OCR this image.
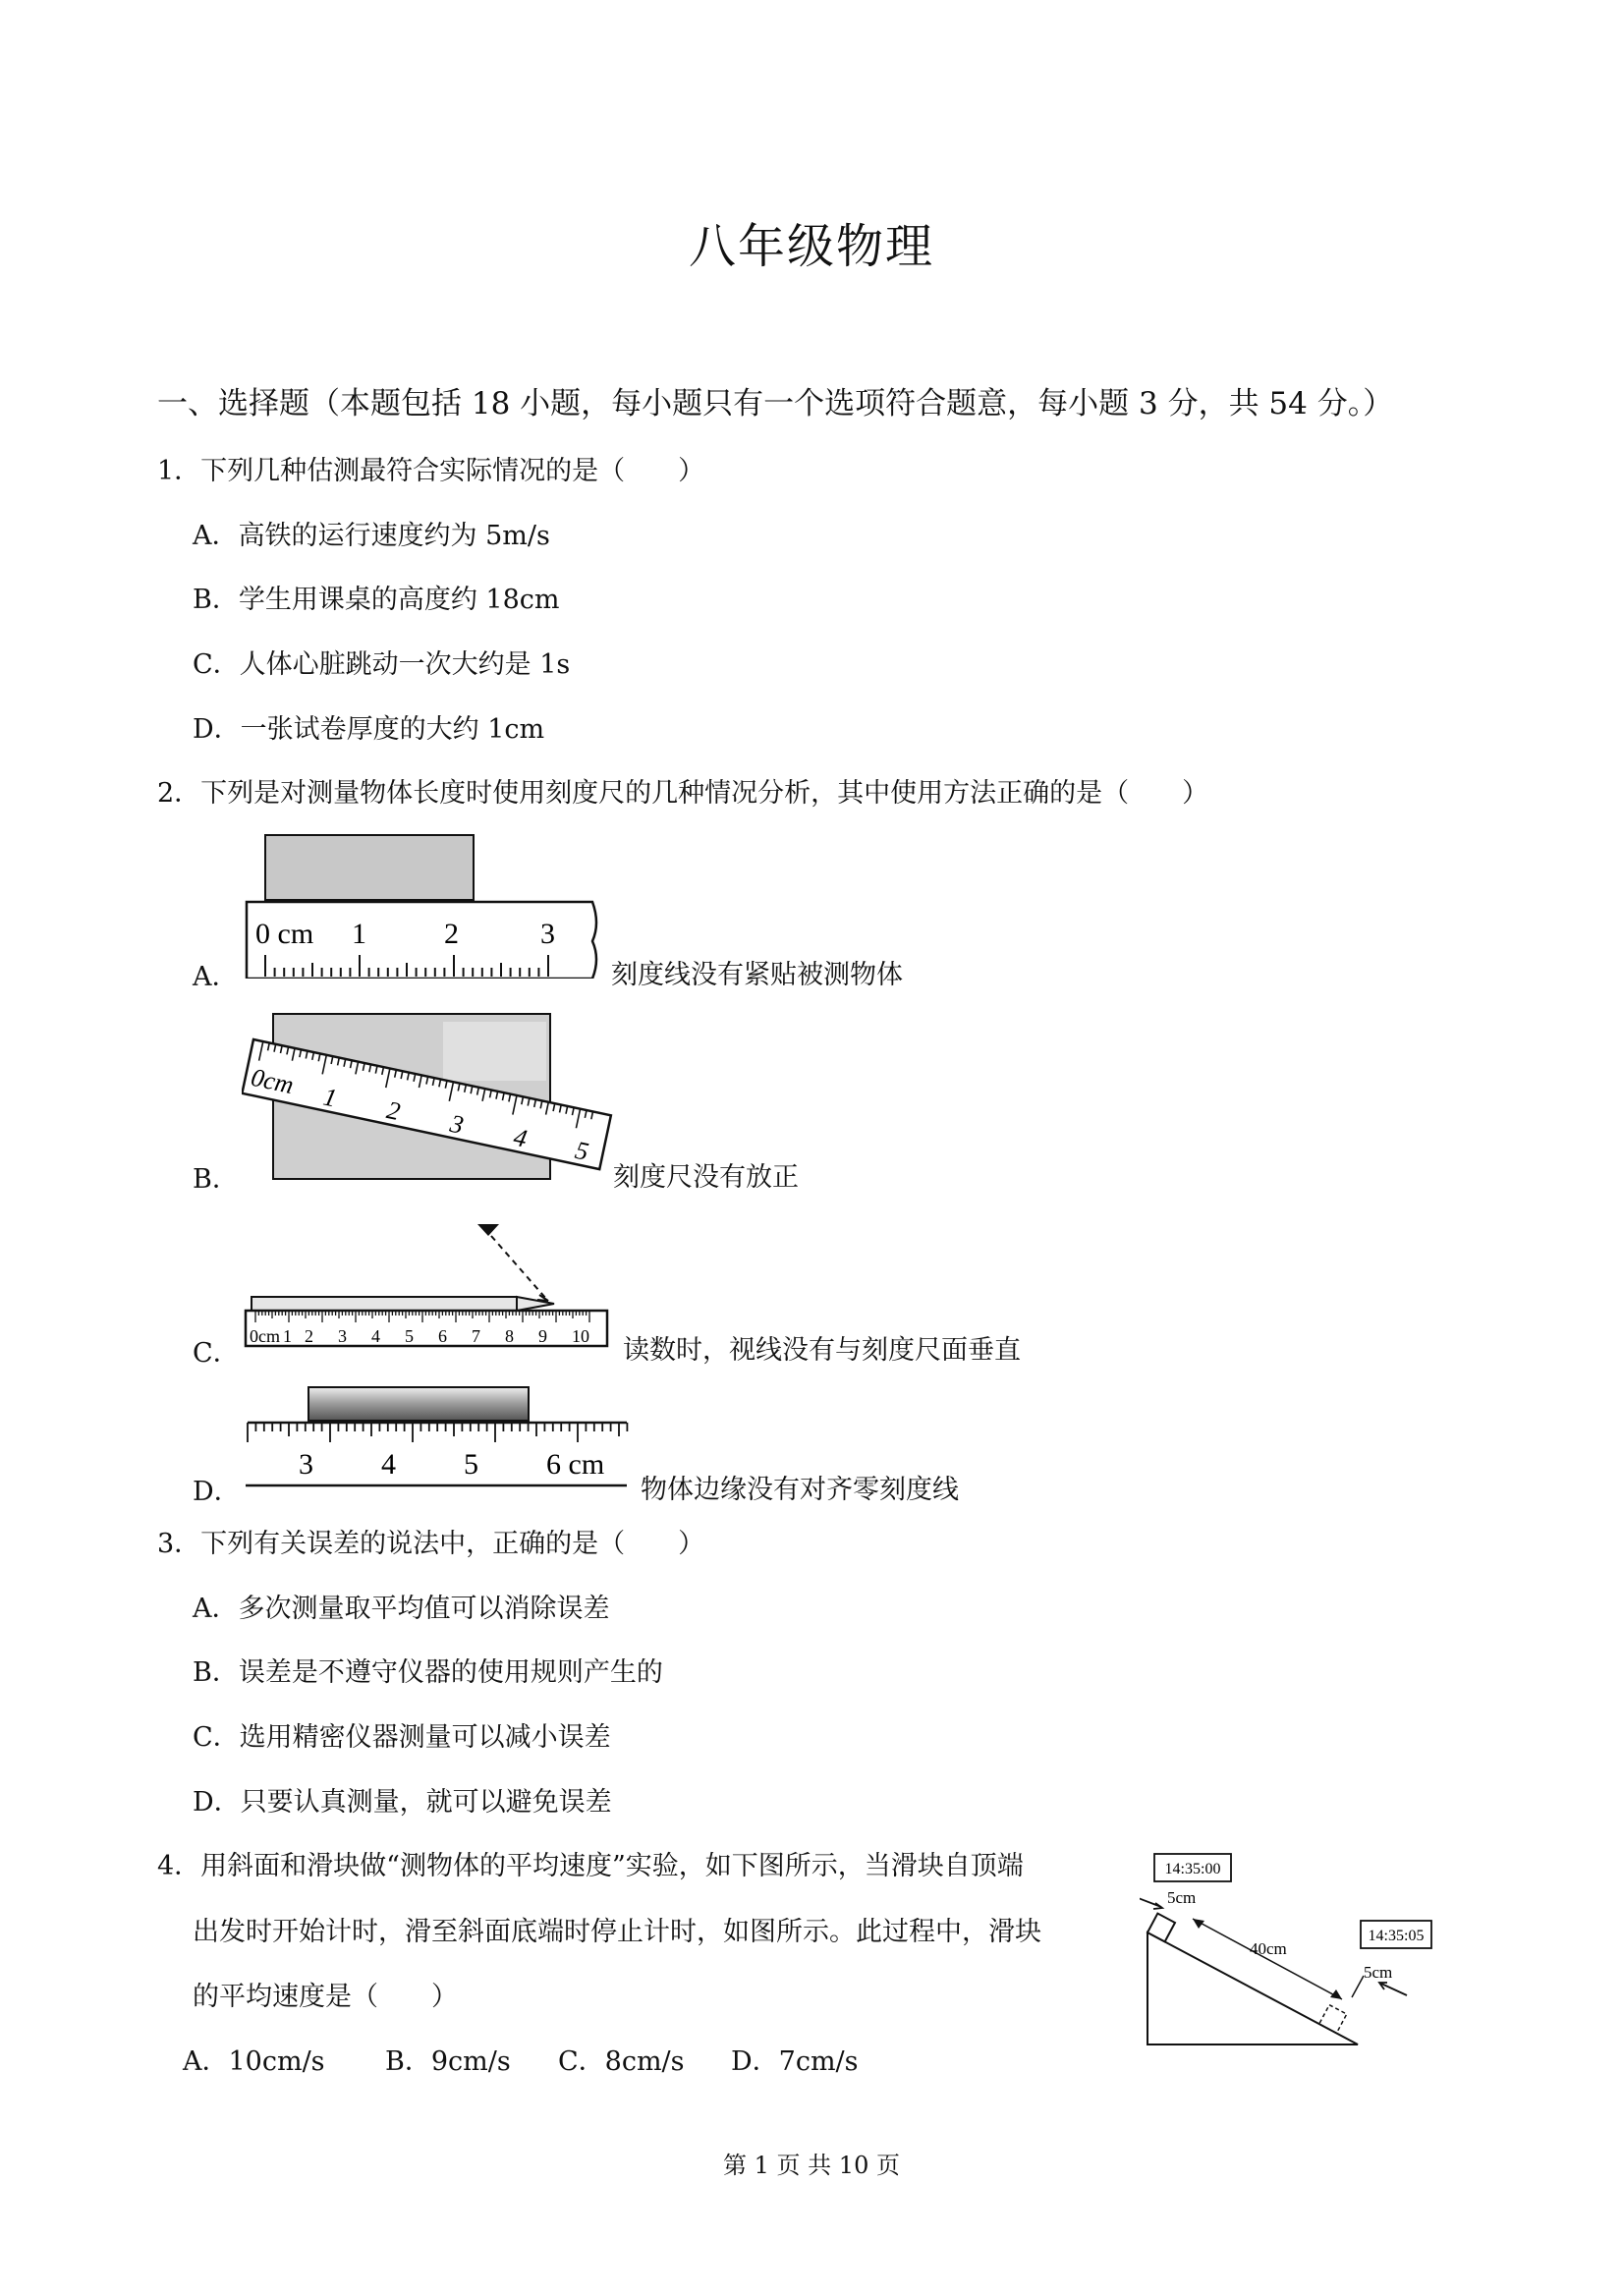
八年级物理
一、选择题（本题包括 18 小题，每小题只有一个选项符合题意，每小题 3 分，共 54 分。）
1．下列几种估测最符合实际情况的是（　　）
A．高铁的运行速度约为 5m/s
B．学生用课桌的高度约 18cm
C．人体心脏跳动一次大约是 1s
D．一张试卷厚度的大约 1cm
2．下列是对测量物体长度时使用刻度尺的几种情况分析，其中使用方法正确的是（　　）
A．
0 cm 1	2	3
刻度线没有紧贴被测物体
B．
0cm 1 2 3 4 5
刻度尺没有放正
C．
0cm 1 2 3 4 5 6 7 8 9 10 读数时，视线没有与刻度尺面垂直
D．
3 4 5 6 cm
物体边缘没有对齐零刻度线
3．下列有关误差的说法中，正确的是（　　）
A．多次测量取平均值可以消除误差
B．误差是不遵守仪器的使用规则产生的
C．选用精密仪器测量可以减小误差
D．只要认真测量，就可以避免误差
4．用斜面和滑块做“测物体的平均速度”实验，如下图所示，当滑块自顶端
出发时开始计时，滑至斜面底端时停止计时，如图所示。此过程中，滑块
的平均速度是（　　）
A．10cm/s B．9cm/s C．8cm/s D．7cm/s
14:35:00
14:35:05
5cm
40cm
5cm
第 1 页 共 10 页
